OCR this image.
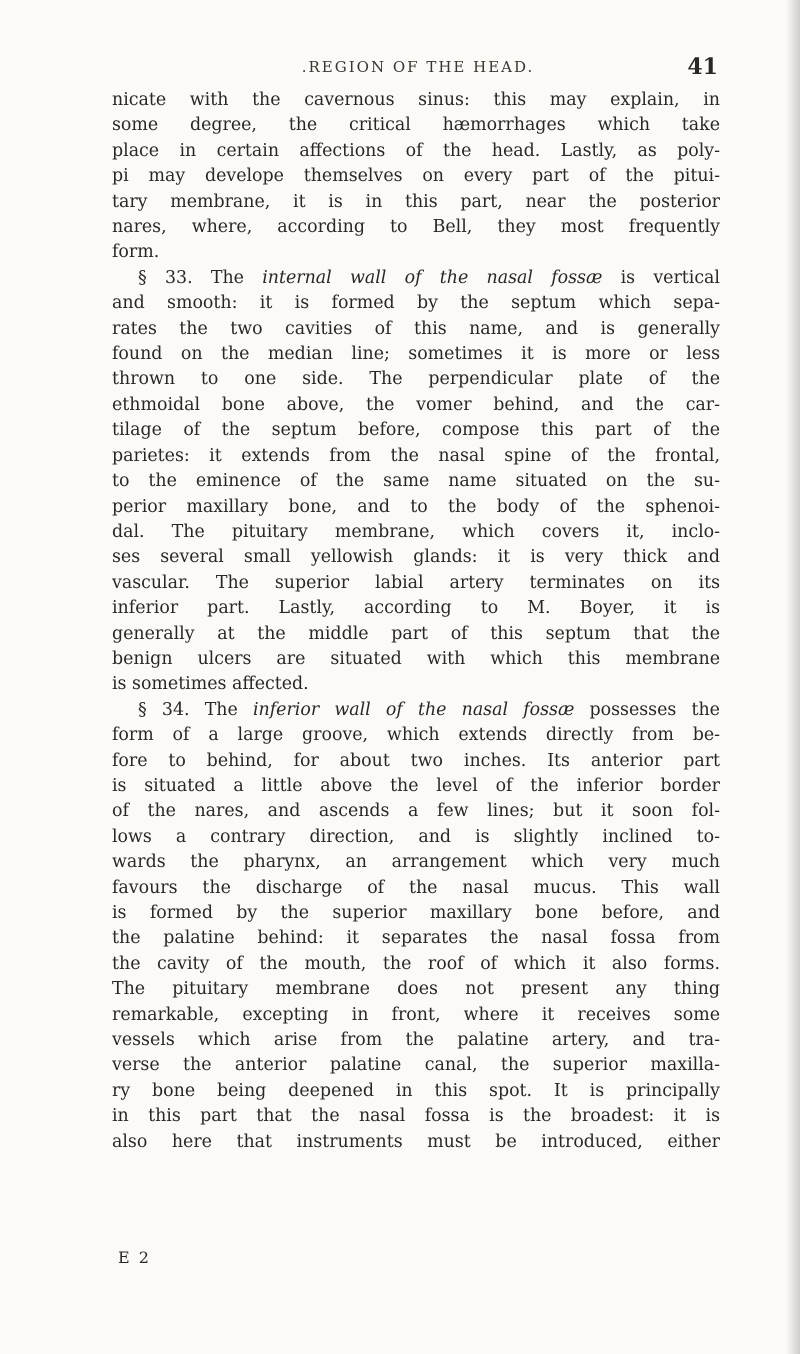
.REGION OF THE HEAD.	41
nicate with the cavernous sinus: this may explain, in
some degree, the critical hæmorrhages which take
place in certain affections of the head. Lastly, as poly-
pi may develope themselves on every part of the pitui-
tary membrane, it is in this part, near the posterior
nares, where, according to Bell, they most frequently
form.
§ 33. The internal wall of the nasal fossæ is vertical
and smooth: it is formed by the septum which sepa-
rates the two cavities of this name, and is generally
found on the median line; sometimes it is more or less
thrown to one side. The perpendicular plate of the
ethmoidal bone above, the vomer behind, and the car-
tilage of the septum before, compose this part of the
parietes: it extends from the nasal spine of the frontal,
to the eminence of the same name situated on the su-
perior maxillary bone, and to the body of the sphenoi-
dal. The pituitary membrane, which covers it, inclo-
ses several small yellowish glands: it is very thick and
vascular. The superior labial artery terminates on its
inferior part. Lastly, according to M. Boyer, it is
generally at the middle part of this septum that the
benign ulcers are situated with which this membrane
is sometimes affected.
§ 34. The inferior wall of the nasal fossæ possesses the
form of a large groove, which extends directly from be-
fore to behind, for about two inches. Its anterior part
is situated a little above the level of the inferior border
of the nares, and ascends a few lines; but it soon fol-
lows a contrary direction, and is slightly inclined to-
wards the pharynx, an arrangement which very much
favours the discharge of the nasal mucus. This wall
is formed by the superior maxillary bone before, and
the palatine behind: it separates the nasal fossa from
the cavity of the mouth, the roof of which it also forms.
The pituitary membrane does not present any thing
remarkable, excepting in front, where it receives some
vessels which arise from the palatine artery, and tra-
verse the anterior palatine canal, the superior maxilla-
ry bone being deepened in this spot. It is principally
in this part that the nasal fossa is the broadest: it is
also here that instruments must be introduced, either
E 2
